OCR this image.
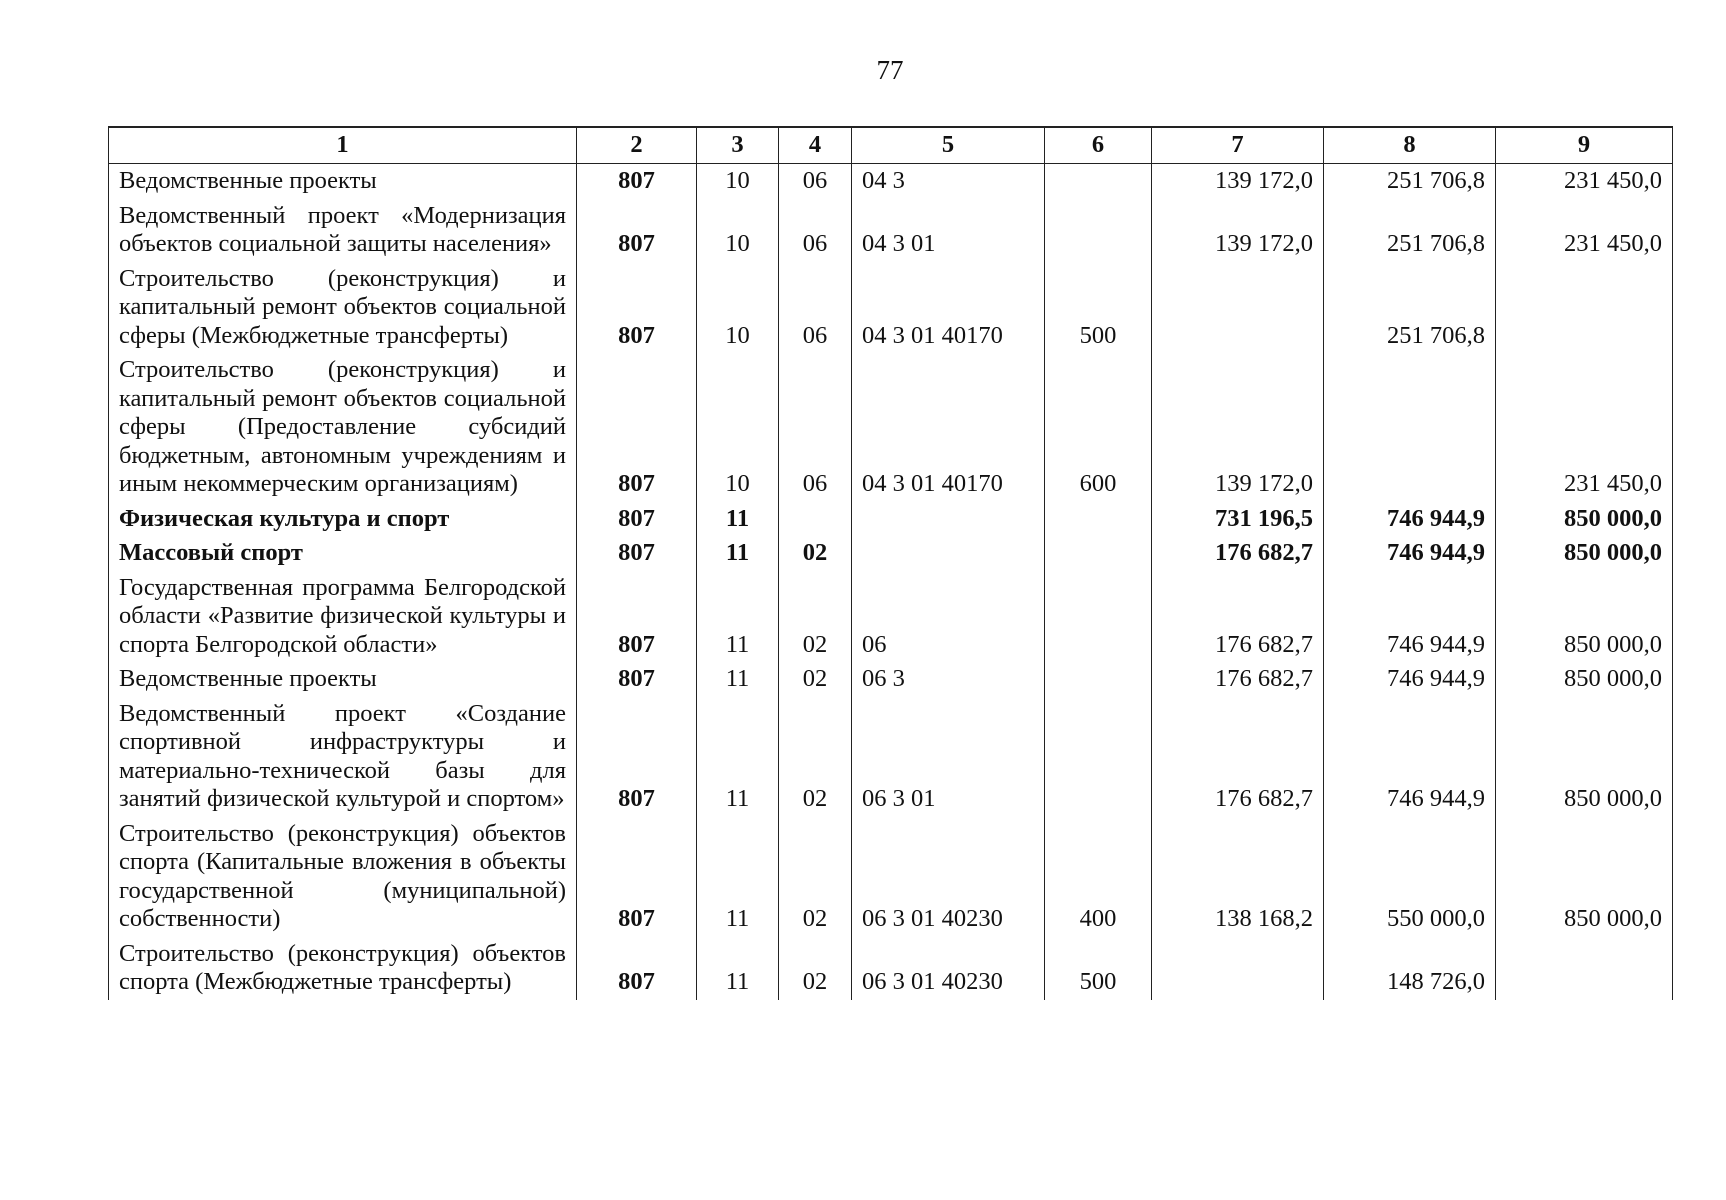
77
1	2	3	4	5	6	7	8	9
Ведомственные проекты	807	10	06	04 3		139 172,0	251 706,8	231 450,0
Ведомственный проект «Модернизация объектов социальной защиты населения»	807	10	06	04 3 01		139 172,0	251 706,8	231 450,0
Строительство (реконструкция) и капитальный ремонт объектов социальной сферы (Межбюджетные трансферты)	807	10	06	04 3 01 40170	500		251 706,8	
Строительство (реконструкция) и капитальный ремонт объектов социальной сферы (Предоставление субсидий бюджетным, автономным учреждениям и иным некоммерческим организациям)	807	10	06	04 3 01 40170	600	139 172,0		231 450,0
Физическая культура и спорт	807	11				731 196,5	746 944,9	850 000,0
Массовый спорт	807	11	02			176 682,7	746 944,9	850 000,0
Государственная программа Белгородской области «Развитие физической культуры и спорта Белгородской области»	807	11	02	06		176 682,7	746 944,9	850 000,0
Ведомственные проекты	807	11	02	06 3		176 682,7	746 944,9	850 000,0
Ведомственный проект «Создание спортивной инфраструктуры и материально-технической базы для занятий физической культурой и спортом»	807	11	02	06 3 01		176 682,7	746 944,9	850 000,0
Строительство (реконструкция) объектов спорта (Капитальные вложения в объекты государственной (муниципальной) собственности)	807	11	02	06 3 01 40230	400	138 168,2	550 000,0	850 000,0
Строительство (реконструкция) объектов спорта (Межбюджетные трансферты)	807	11	02	06 3 01 40230	500		148 726,0	
